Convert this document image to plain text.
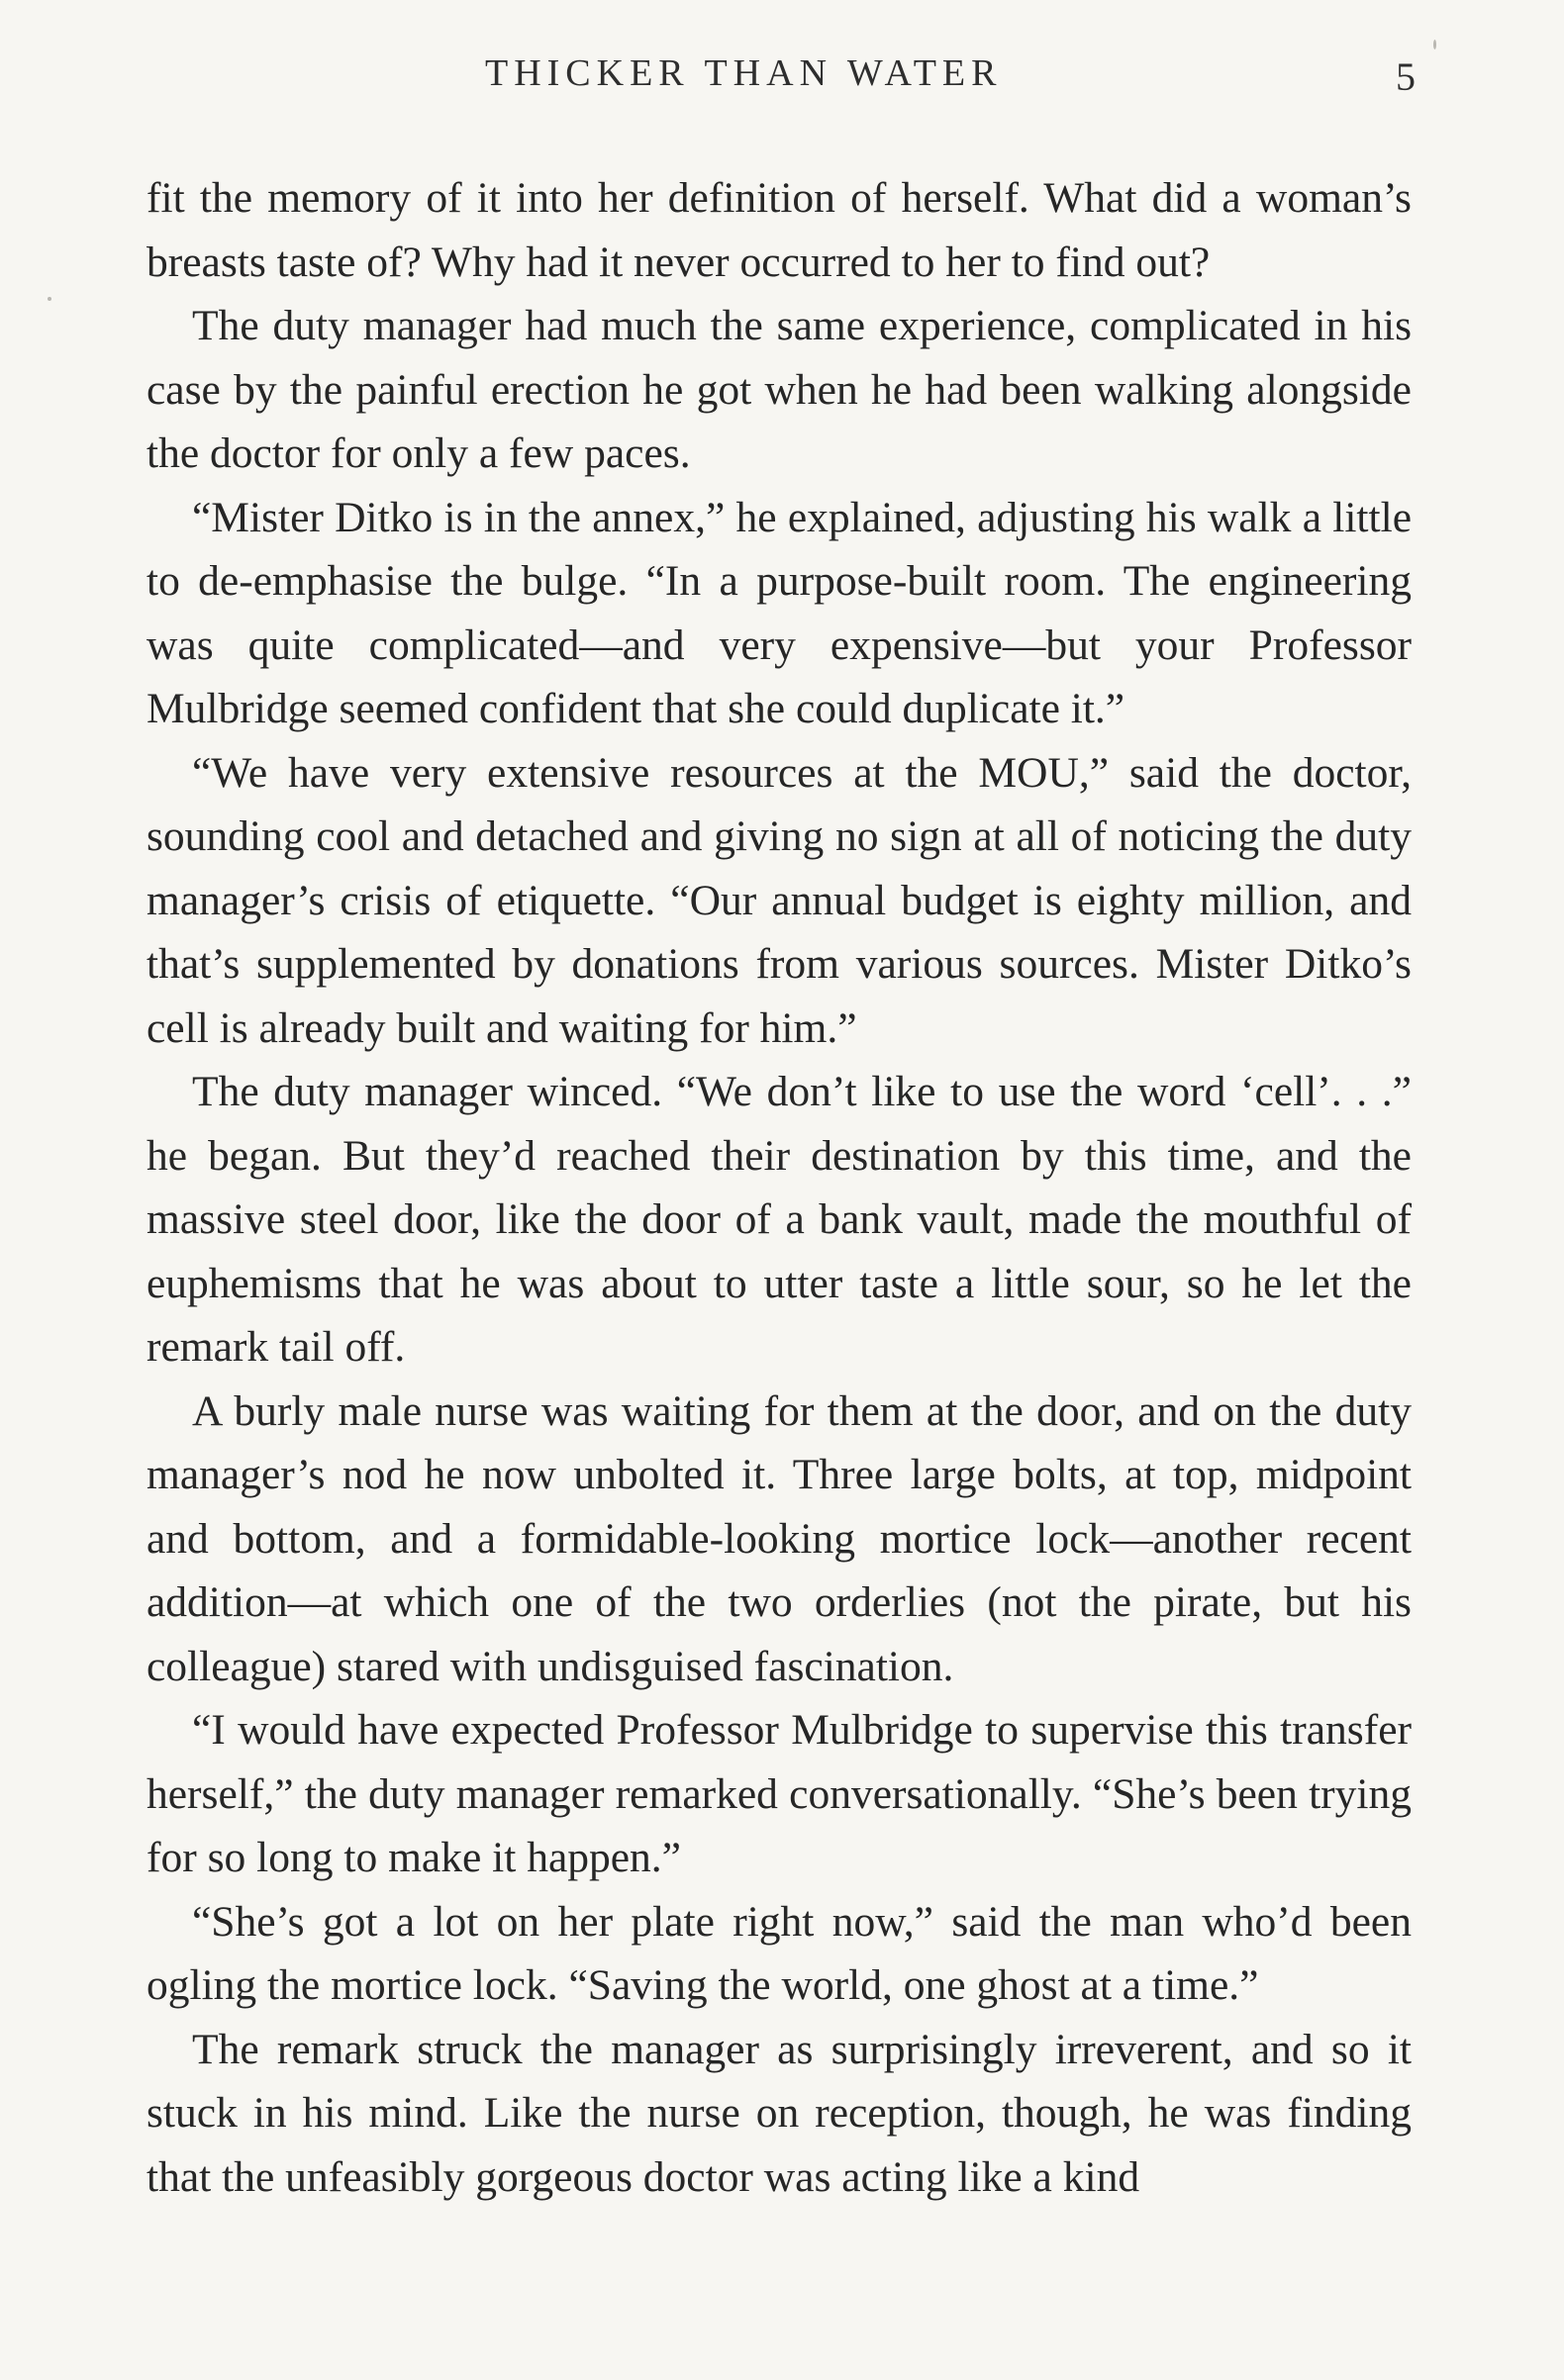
THICKER THAN WATER	5

fit the memory of it into her definition of herself. What did a woman’s breasts taste of? Why had it never occurred to her to find out?

The duty manager had much the same experience, complicated in his case by the painful erection he got when he had been walking alongside the doctor for only a few paces.

“Mister Ditko is in the annex,” he explained, adjusting his walk a little to de-emphasise the bulge. “In a purpose-built room. The engineering was quite complicated—and very expensive—but your Professor Mulbridge seemed confident that she could duplicate it.”

“We have very extensive resources at the MOU,” said the doctor, sounding cool and detached and giving no sign at all of noticing the duty manager’s crisis of etiquette. “Our annual budget is eighty million, and that’s supplemented by donations from various sources. Mister Ditko’s cell is already built and waiting for him.”

The duty manager winced. “We don’t like to use the word ‘cell’. . .” he began. But they’d reached their destination by this time, and the massive steel door, like the door of a bank vault, made the mouthful of euphemisms that he was about to utter taste a little sour, so he let the remark tail off.

A burly male nurse was waiting for them at the door, and on the duty manager’s nod he now unbolted it. Three large bolts, at top, midpoint and bottom, and a formidable-looking mortice lock—another recent addition—at which one of the two orderlies (not the pirate, but his colleague) stared with undisguised fascination.

“I would have expected Professor Mulbridge to supervise this transfer herself,” the duty manager remarked conversationally. “She’s been trying for so long to make it happen.”

“She’s got a lot on her plate right now,” said the man who’d been ogling the mortice lock. “Saving the world, one ghost at a time.”

The remark struck the manager as surprisingly irreverent, and so it stuck in his mind. Like the nurse on reception, though, he was finding that the unfeasibly gorgeous doctor was acting like a kind
